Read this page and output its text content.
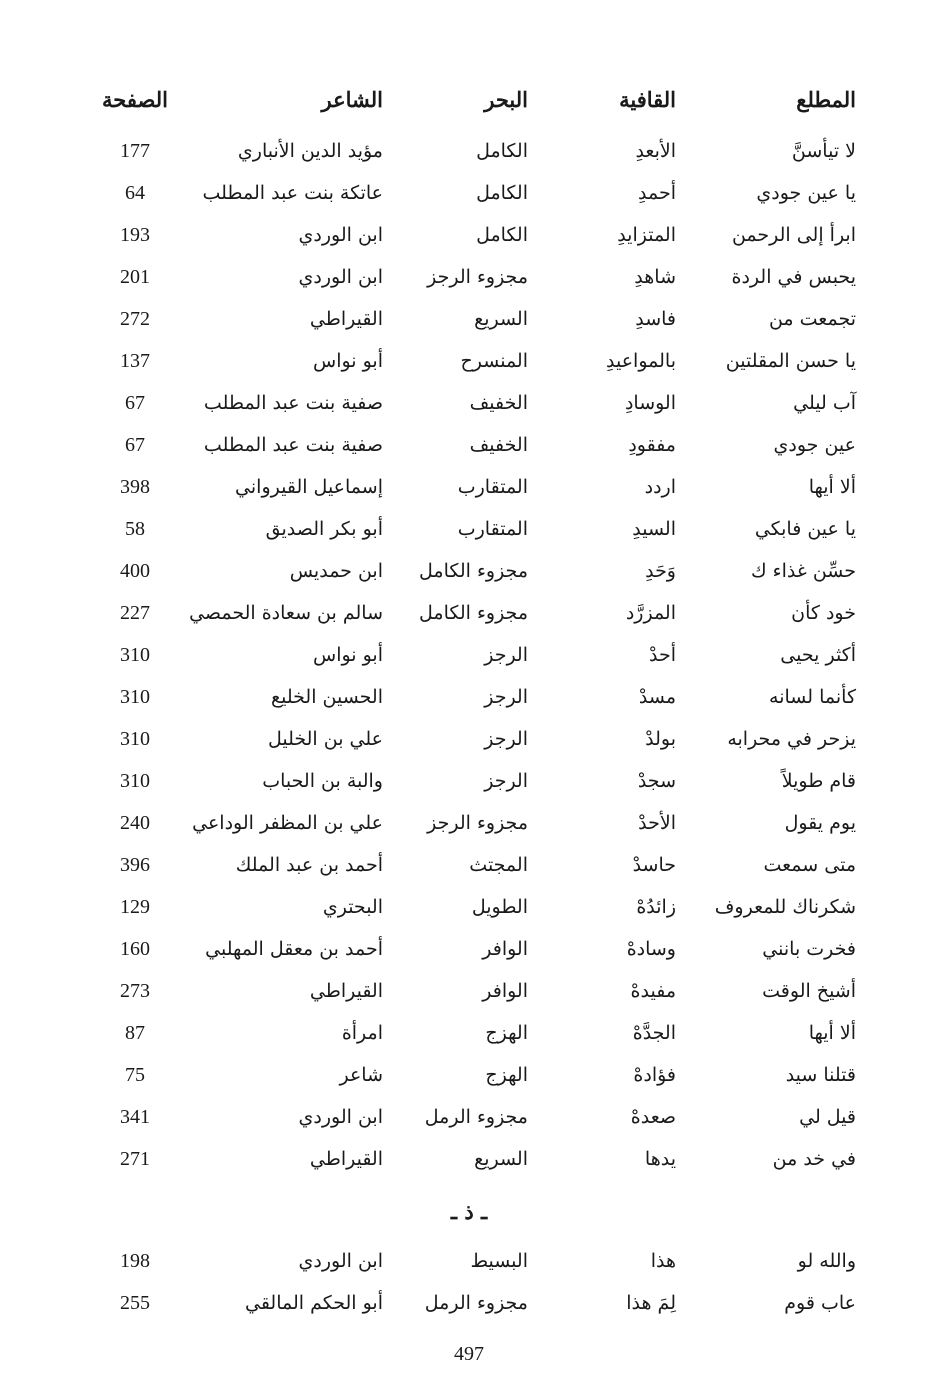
المطلع
القافية
البحر
الشاعر
الصفحة
لا تيأسنَّ
الأبعدِ
الكامل
مؤيد الدين الأنباري
177
يا عين جودي
أحمدِ
الكامل
عاتكة بنت عبد المطلب
64
ابرأ إلى الرحمن
المتزايدِ
الكامل
ابن الوردي
193
يحبس في الردة
شاهدِ
مجزوء الرجز
ابن الوردي
201
تجمعت من
فاسدِ
السريع
القيراطي
272
يا حسن المقلتين
بالمواعيدِ
المنسرح
أبو نواس
137
آب ليلي
الوسادِ
الخفيف
صفية بنت عبد المطلب
67
عين جودي
مفقودِ
الخفيف
صفية بنت عبد المطلب
67
ألا أيها
اردد
المتقارب
إسماعيل القيرواني
398
يا عين فابكي
السيدِ
المتقارب
أبو بكر الصديق
58
حسِّن غذاء ك
وَحَدِ
مجزوء الكامل
ابن حمديس
400
خود كأن
المزرَّد
مجزوء الكامل
سالم بن سعادة الحمصي
227
أكثر يحيى
أحدْ
الرجز
أبو نواس
310
كأنما لسانه
مسدْ
الرجز
الحسين الخليع
310
يزحر في محرابه
بولدْ
الرجز
علي بن الخليل
310
قام طويلاً
سجدْ
الرجز
والبة بن الحباب
310
يوم يقول
الأحدْ
مجزوء الرجز
علي بن المظفر الوداعي
240
متى سمعت
حاسدْ
المجتث
أحمد بن عبد الملك
396
شكرناك للمعروف
زائدُهْ
الطويل
البحتري
129
فخرت بانني
وسادهْ
الوافر
أحمد بن معقل المهلبي
160
أشيخ الوقت
مفيدهْ
الوافر
القيراطي
273
ألا أيها
الجدَّهْ
الهزج
امرأة
87
قتلنا سيد
فؤادهْ
الهزج
شاعر
75
قيل لي
صعدهْ
مجزوء الرمل
ابن الوردي
341
في خد من
يدها
السريع
القيراطي
271
ـ ذ ـ
والله لو
هذا
البسيط
ابن الوردي
198
عاب قوم
لِمَ هذا
مجزوء الرمل
أبو الحكم المالقي
255
497
